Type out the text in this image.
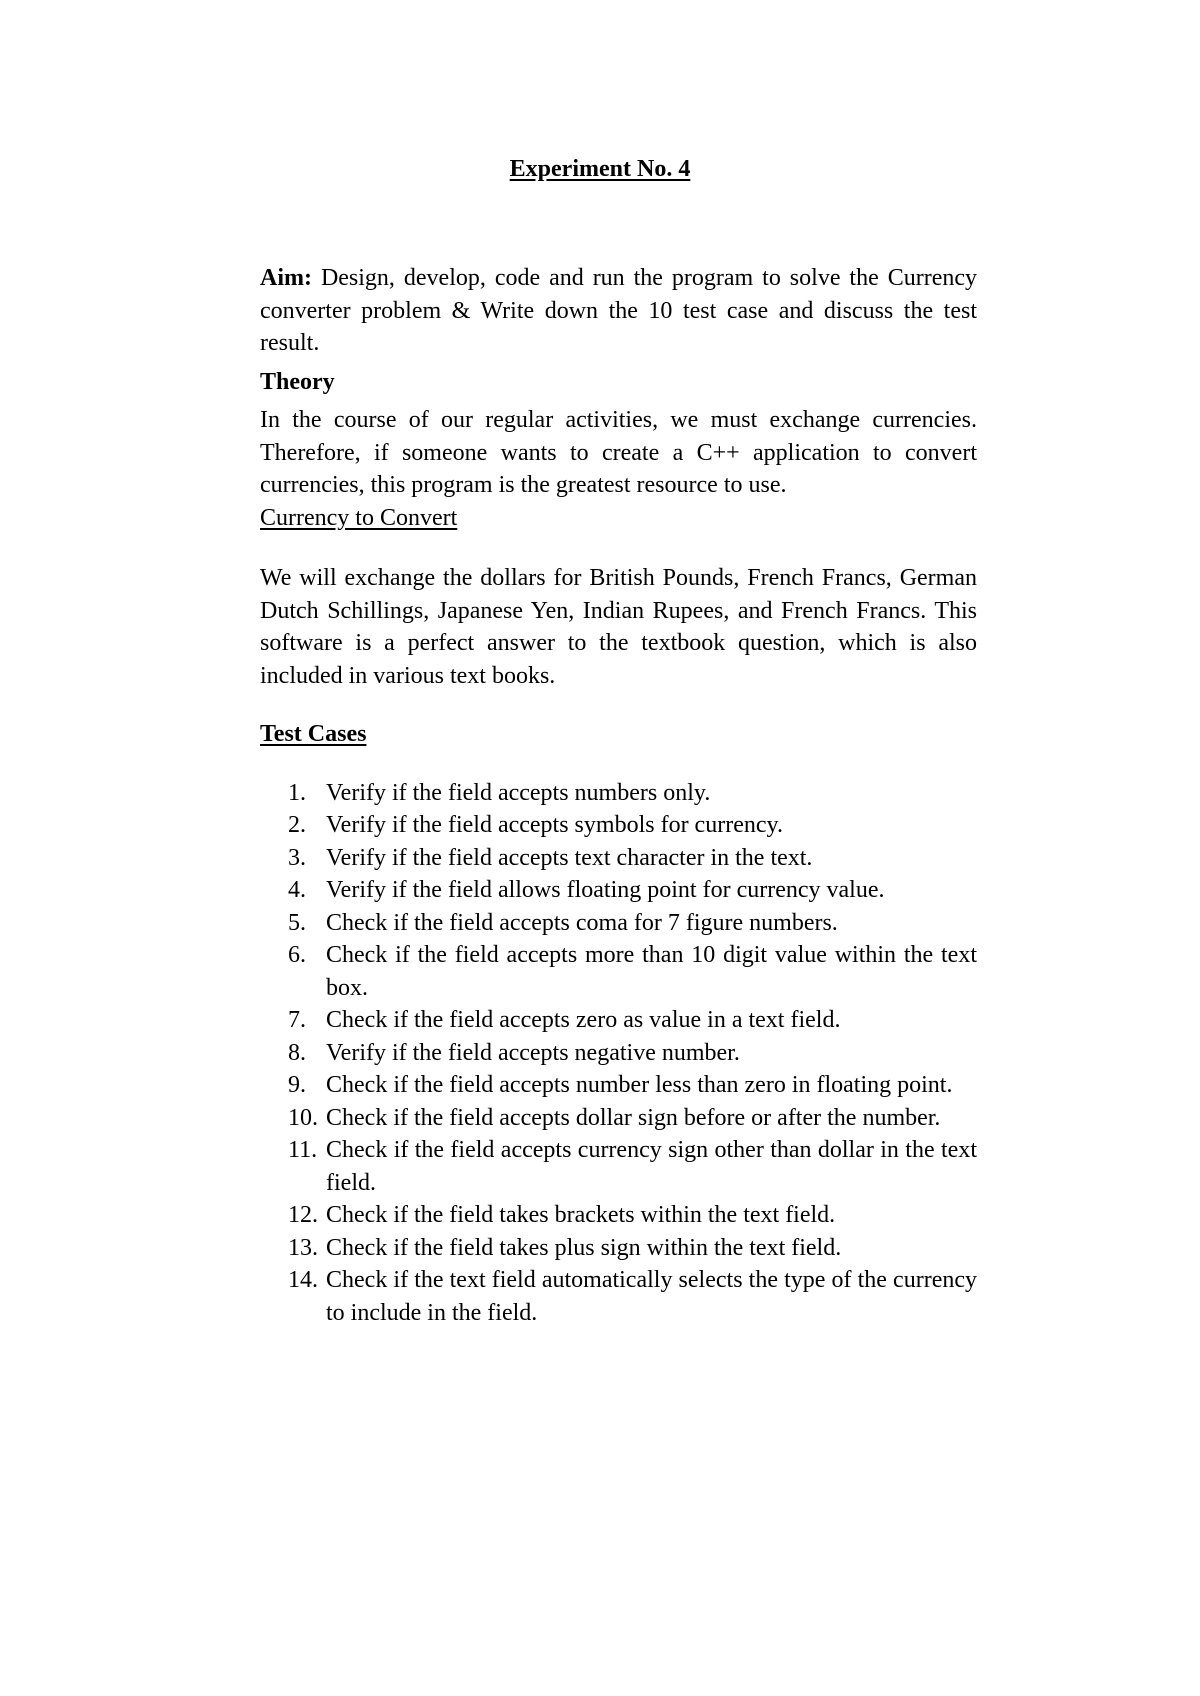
Experiment No. 4

Aim: Design, develop, code and run the program to solve the Currency converter problem & Write down the 10 test case and discuss the test result.

Theory

In the course of our regular activities, we must exchange currencies. Therefore, if someone wants to create a C++ application to convert currencies, this program is the greatest resource to use.

Currency to Convert

We will exchange the dollars for British Pounds, French Francs, German Dutch Schillings, Japanese Yen, Indian Rupees, and French Francs. This software is a perfect answer to the textbook question, which is also included in various text books.

Test Cases

1. Verify if the field accepts numbers only.
2. Verify if the field accepts symbols for currency.
3. Verify if the field accepts text character in the text.
4. Verify if the field allows floating point for currency value.
5. Check if the field accepts coma for 7 figure numbers.
6. Check if the field accepts more than 10 digit value within the text box.
7. Check if the field accepts zero as value in a text field.
8. Verify if the field accepts negative number.
9. Check if the field accepts number less than zero in floating point.
10. Check if the field accepts dollar sign before or after the number.
11. Check if the field accepts currency sign other than dollar in the text field.
12. Check if the field takes brackets within the text field.
13. Check if the field takes plus sign within the text field.
14. Check if the text field automatically selects the type of the currency to include in the field.
